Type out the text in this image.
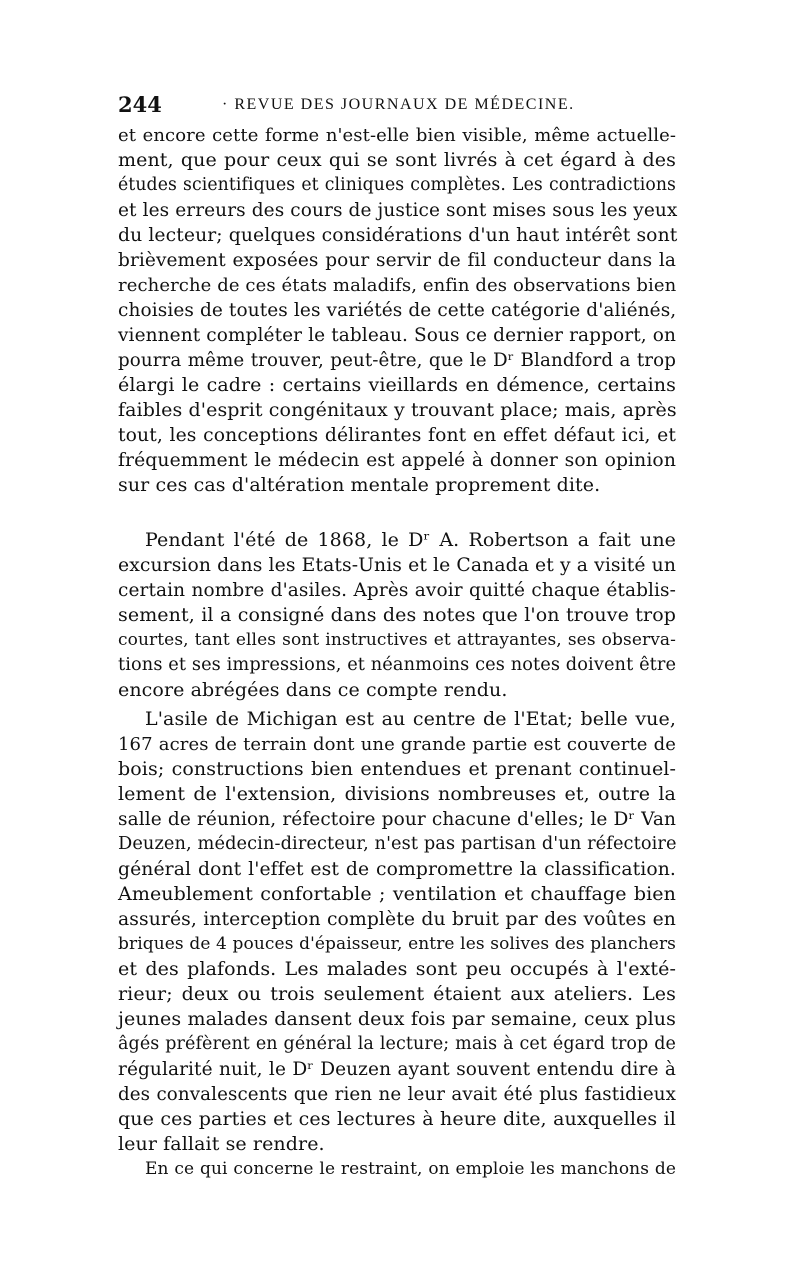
244	· REVUE DES JOURNAUX DE MÉDECINE.
et encore cette forme n'est-elle bien visible, même actuelle-
ment, que pour ceux qui se sont livrés à cet égard à des
études scientifiques et cliniques complètes. Les contradictions
et les erreurs des cours de justice sont mises sous les yeux
du lecteur; quelques considérations d'un haut intérêt sont
brièvement exposées pour servir de fil conducteur dans la
recherche de ces états maladifs, enfin des observations bien
choisies de toutes les variétés de cette catégorie d'aliénés,
viennent compléter le tableau. Sous ce dernier rapport, on
pourra même trouver, peut-être, que le Dʳ Blandford a trop
élargi le cadre : certains vieillards en démence, certains
faibles d'esprit congénitaux y trouvant place; mais, après
tout, les conceptions délirantes font en effet défaut ici, et
fréquemment le médecin est appelé à donner son opinion
sur ces cas d'altération mentale proprement dite.
Pendant l'été de 1868, le Dʳ A. Robertson a fait une
excursion dans les Etats-Unis et le Canada et y a visité un
certain nombre d'asiles. Après avoir quitté chaque établis-
sement, il a consigné dans des notes que l'on trouve trop
courtes, tant elles sont instructives et attrayantes, ses observa-
tions et ses impressions, et néanmoins ces notes doivent être
encore abrégées dans ce compte rendu.
L'asile de Michigan est au centre de l'Etat; belle vue,
167 acres de terrain dont une grande partie est couverte de
bois; constructions bien entendues et prenant continuel-
lement de l'extension, divisions nombreuses et, outre la
salle de réunion, réfectoire pour chacune d'elles; le Dʳ Van
Deuzen, médecin-directeur, n'est pas partisan d'un réfectoire
général dont l'effet est de compromettre la classification.
Ameublement confortable ; ventilation et chauffage bien
assurés, interception complète du bruit par des voûtes en
briques de 4 pouces d'épaisseur, entre les solives des planchers
et des plafonds. Les malades sont peu occupés à l'exté-
rieur; deux ou trois seulement étaient aux ateliers. Les
jeunes malades dansent deux fois par semaine, ceux plus
âgés préfèrent en général la lecture; mais à cet égard trop de
régularité nuit, le Dʳ Deuzen ayant souvent entendu dire à
des convalescents que rien ne leur avait été plus fastidieux
que ces parties et ces lectures à heure dite, auxquelles il
leur fallait se rendre.
En ce qui concerne le restraint, on emploie les manchons de
